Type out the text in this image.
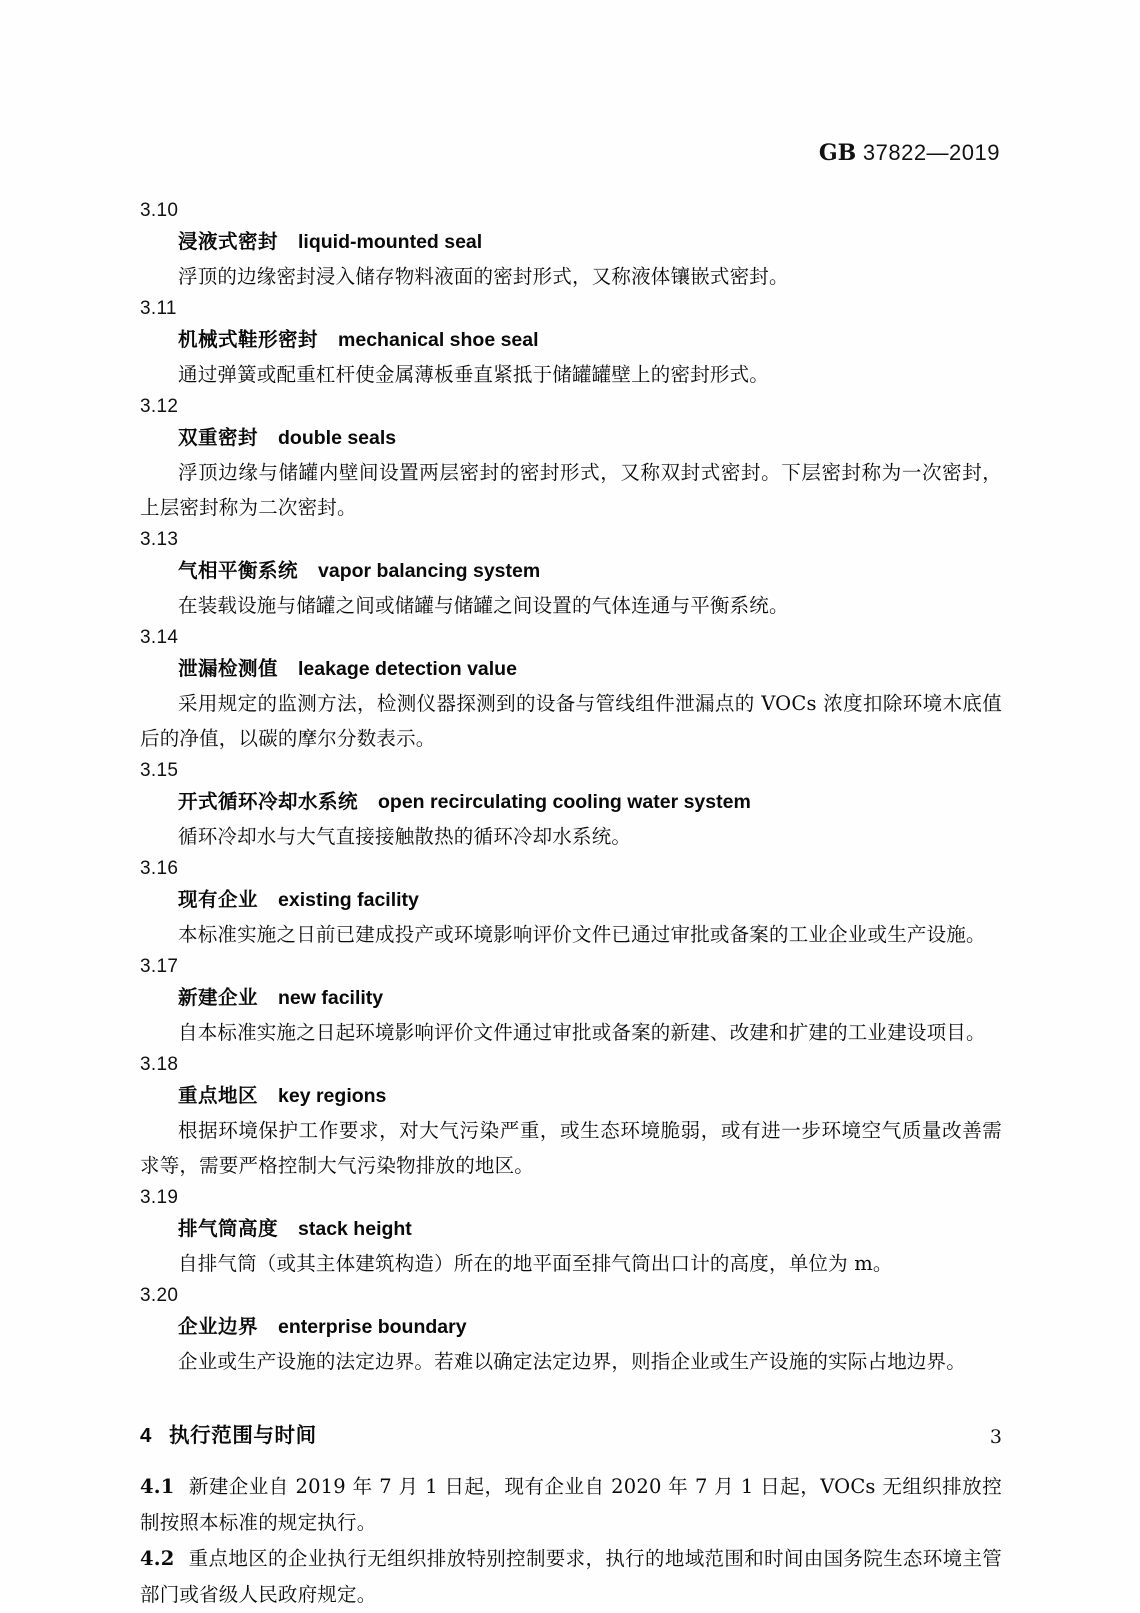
GB 37822—2019
3.10
浸液式密封 liquid-mounted seal
浮顶的边缘密封浸入储存物料液面的密封形式，又称液体镶嵌式密封。
3.11
机械式鞋形密封 mechanical shoe seal
通过弹簧或配重杠杆使金属薄板垂直紧抵于储罐罐壁上的密封形式。
3.12
双重密封 double seals
浮顶边缘与储罐内壁间设置两层密封的密封形式，又称双封式密封。下层密封称为一次密封，上层密封称为二次密封。
3.13
气相平衡系统 vapor balancing system
在装载设施与储罐之间或储罐与储罐之间设置的气体连通与平衡系统。
3.14
泄漏检测值 leakage detection value
采用规定的监测方法，检测仪器探测到的设备与管线组件泄漏点的 VOCs 浓度扣除环境木底值后的净值，以碳的摩尔分数表示。
3.15
开式循环冷却水系统 open recirculating cooling water system
循环冷却水与大气直接接触散热的循环冷却水系统。
3.16
现有企业 existing facility
本标准实施之日前已建成投产或环境影响评价文件已通过审批或备案的工业企业或生产设施。
3.17
新建企业 new facility
自本标准实施之日起环境影响评价文件通过审批或备案的新建、改建和扩建的工业建设项目。
3.18
重点地区 key regions
根据环境保护工作要求，对大气污染严重，或生态环境脆弱，或有进一步环境空气质量改善需求等，需要严格控制大气污染物排放的地区。
3.19
排气筒高度 stack height
自排气筒（或其主体建筑构造）所在的地平面至排气筒出口计的高度，单位为 m。
3.20
企业边界 enterprise boundary
企业或生产设施的法定边界。若难以确定法定边界，则指企业或生产设施的实际占地边界。
4 执行范围与时间
4.1 新建企业自 2019 年 7 月 1 日起，现有企业自 2020 年 7 月 1 日起，VOCs 无组织排放控制按照本标准的规定执行。
4.2 重点地区的企业执行无组织排放特别控制要求，执行的地域范围和时间由国务院生态环境主管部门或省级人民政府规定。
3
